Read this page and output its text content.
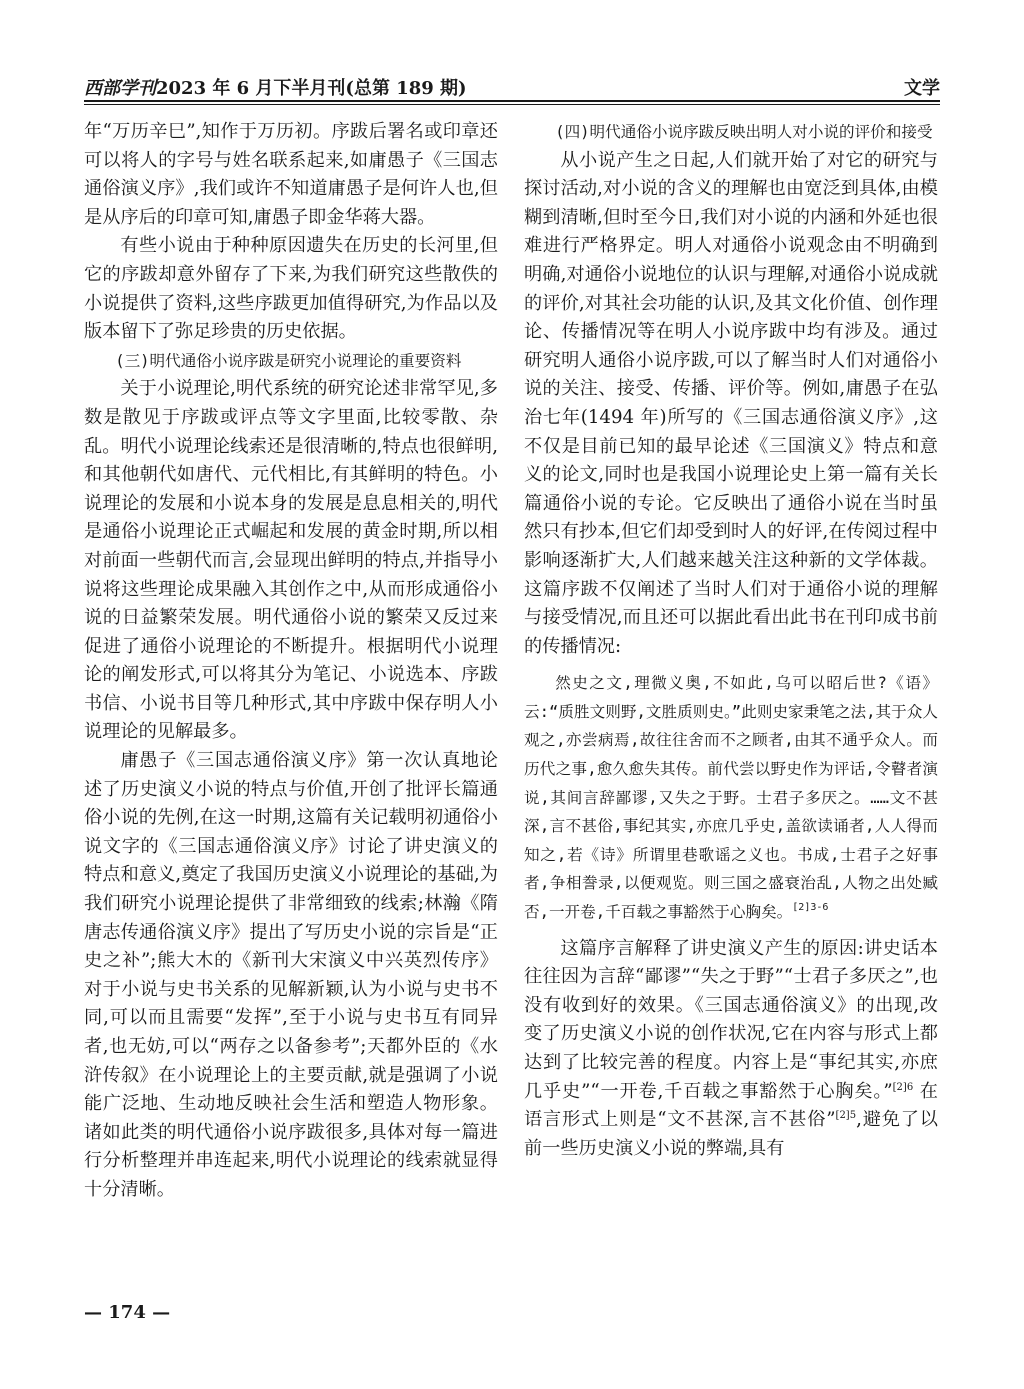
西部学刊2023 年 6 月下半月刊(总第 189 期)	文学

年“万历辛巳”,知作于万历初。序跋后署名或印章还可以将人的字号与姓名联系起来,如庸愚子《三国志通俗演义序》,我们或许不知道庸愚子是何许人也,但是从序后的印章可知,庸愚子即金华蒋大器。

有些小说由于种种原因遗失在历史的长河里,但它的序跋却意外留存了下来,为我们研究这些散佚的小说提供了资料,这些序跋更加值得研究,为作品以及版本留下了弥足珍贵的历史依据。

(三)明代通俗小说序跋是研究小说理论的重要资料

关于小说理论,明代系统的研究论述非常罕见,多数是散见于序跋或评点等文字里面,比较零散、杂乱。明代小说理论线索还是很清晰的,特点也很鲜明,和其他朝代如唐代、元代相比,有其鲜明的特色。小说理论的发展和小说本身的发展是息息相关的,明代是通俗小说理论正式崛起和发展的黄金时期,所以相对前面一些朝代而言,会显现出鲜明的特点,并指导小说将这些理论成果融入其创作之中,从而形成通俗小说的日益繁荣发展。明代通俗小说的繁荣又反过来促进了通俗小说理论的不断提升。根据明代小说理论的阐发形式,可以将其分为笔记、小说选本、序跋书信、小说书目等几种形式,其中序跋中保存明人小说理论的见解最多。

庸愚子《三国志通俗演义序》第一次认真地论述了历史演义小说的特点与价值,开创了批评长篇通俗小说的先例,在这一时期,这篇有关记载明初通俗小说文字的《三国志通俗演义序》讨论了讲史演义的特点和意义,奠定了我国历史演义小说理论的基础,为我们研究小说理论提供了非常细致的线索;林瀚《隋唐志传通俗演义序》提出了写历史小说的宗旨是“正史之补”;熊大木的《新刊大宋演义中兴英烈传序》对于小说与史书关系的见解新颖,认为小说与史书不同,可以而且需要“发挥”,至于小说与史书互有同异者,也无妨,可以“两存之以备参考”;天都外臣的《水浒传叙》在小说理论上的主要贡献,就是强调了小说能广泛地、生动地反映社会生活和塑造人物形象。诸如此类的明代通俗小说序跋很多,具体对每一篇进行分析整理并串连起来,明代小说理论的线索就显得十分清晰。

(四)明代通俗小说序跋反映出明人对小说的评价和接受

从小说产生之日起,人们就开始了对它的研究与探讨活动,对小说的含义的理解也由宽泛到具体,由模糊到清晰,但时至今日,我们对小说的内涵和外延也很难进行严格界定。明人对通俗小说观念由不明确到明确,对通俗小说地位的认识与理解,对通俗小说成就的评价,对其社会功能的认识,及其文化价值、创作理论、传播情况等在明人小说序跋中均有涉及。通过研究明人通俗小说序跋,可以了解当时人们对通俗小说的关注、接受、传播、评价等。例如,庸愚子在弘治七年(1494 年)所写的《三国志通俗演义序》,这不仅是目前已知的最早论述《三国演义》特点和意义的论文,同时也是我国小说理论史上第一篇有关长篇通俗小说的专论。它反映出了通俗小说在当时虽然只有抄本,但它们却受到时人的好评,在传阅过程中影响逐渐扩大,人们越来越关注这种新的文学体裁。这篇序跋不仅阐述了当时人们对于通俗小说的理解与接受情况,而且还可以据此看出此书在刊印成书前的传播情况:

然史之文,理微义奥,不如此,乌可以昭后世?《语》云:“质胜文则野,文胜质则史。”此则史家秉笔之法,其于众人观之,亦尝病焉,故往往舍而不之顾者,由其不通乎众人。而历代之事,愈久愈失其传。前代尝以野史作为评话,令瞽者演说,其间言辞鄙谬,又失之于野。士君子多厌之。……文不甚深,言不甚俗,事纪其实,亦庶几乎史,盖欲读诵者,人人得而知之,若《诗》所谓里巷歌谣之义也。书成,士君子之好事者,争相誊录,以便观览。则三国之盛衰治乱,人物之出处臧否,一开卷,千百载之事豁然于心胸矣。$^{[2]3-6}$

这篇序言解释了讲史演义产生的原因:讲史话本往往因为言辞“鄙谬”“失之于野”“士君子多厌之”,也没有收到好的效果。《三国志通俗演义》的出现,改变了历史演义小说的创作状况,它在内容与形式上都达到了比较完善的程度。内容上是“事纪其实,亦庶几乎史”“一开卷,千百载之事豁然于心胸矣。”$^{[2]6}$ 在语言形式上则是“文不甚深,言不甚俗”$^{[2]5}$,避免了以前一些历史演义小说的弊端,具有

— 174 —
